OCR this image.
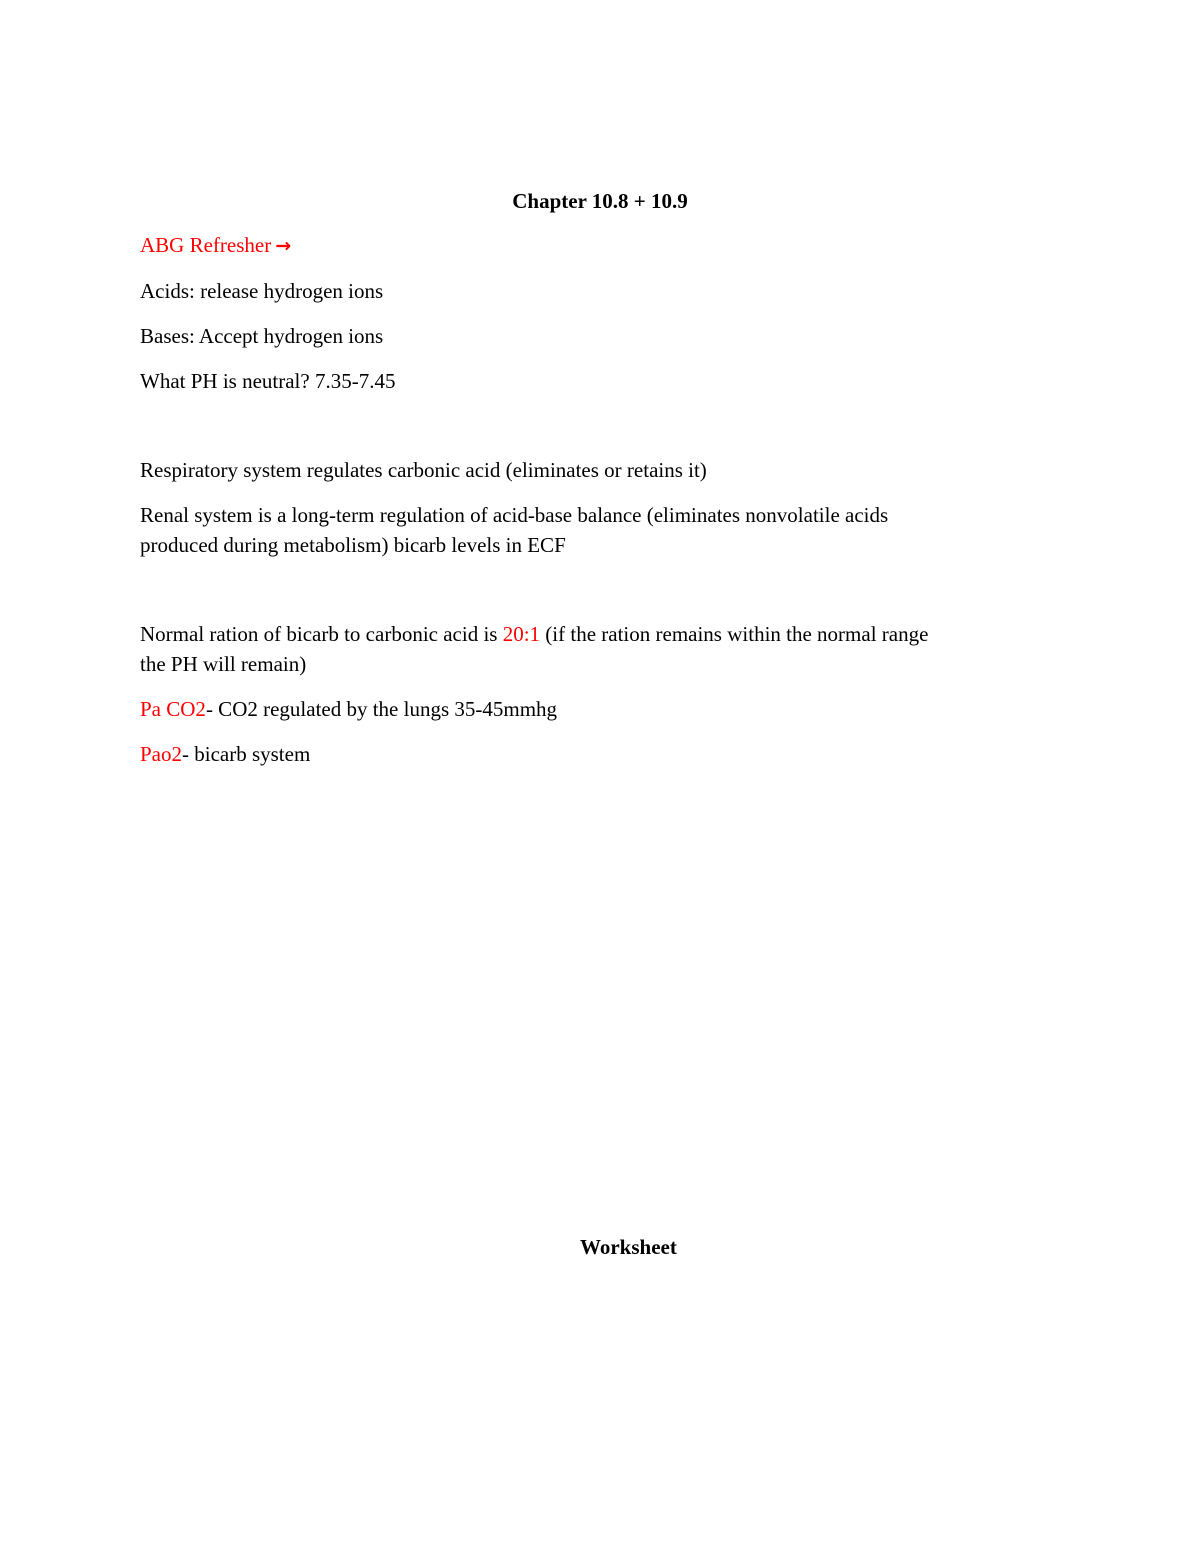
Chapter 10.8 + 10.9
ABG Refresher →
Acids: release hydrogen ions
Bases: Accept hydrogen ions
What PH is neutral? 7.35-7.45
Respiratory system regulates carbonic acid (eliminates or retains it)
Renal system is a long-term regulation of acid-base balance (eliminates nonvolatile acids
produced during metabolism) bicarb levels in ECF
Normal ration of bicarb to carbonic acid is 20:1 (if the ration remains within the normal range
the PH will remain)
Pa CO2- CO2 regulated by the lungs 35-45mmhg
Pao2- bicarb system
Worksheet
